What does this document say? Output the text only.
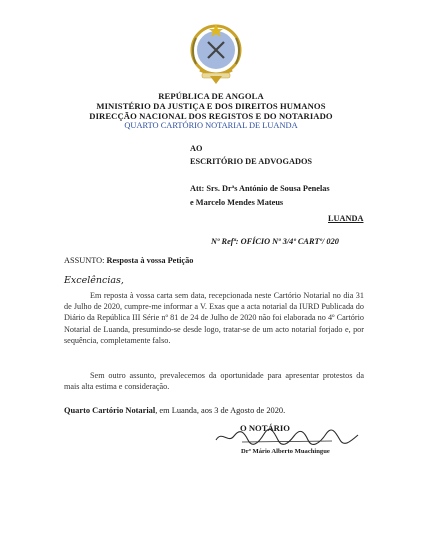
REPÚBLICA DE ANGOLA
MINISTÉRIO DA JUSTIÇA E DOS DIREITOS HUMANOS
DIRECÇÃO NACIONAL DOS REGISTOS E DO NOTARIADO
QUARTO CARTÓRIO NOTARIAL DE LUANDA
AO
ESCRITÓRIO DE ADVOGADOS
Att: Srs. Drªs António de Sousa Penelas
e Marcelo Mendes Mateus
LUANDA
Nº Refª: OFÍCIO Nº 3/4º CARTº/ 020
ASSUNTO: Resposta à vossa Petição
Excelências,
Em reposta à vossa carta sem data, recepcionada neste Cartório Notarial no dia 31 de Julho de 2020, cumpre-me informar a V. Exas que a acta notarial da IURD Publicada do Diário da República III Série nº 81 de 24 de Julho de 2020 não foi elaborada no 4º Cartório Notarial de Luanda, presumindo-se desde logo, tratar-se de um acto notarial forjado e, por sequência, completamente falso.
Sem outro assunto, prevalecemos da oportunidade para apresentar protestos da mais alta estima e consideração.
Quarto Cartório Notarial, em Luanda, aos 3 de Agosto de 2020.
O NOTÁRIO
Drº Mário Alberto Muachingue
